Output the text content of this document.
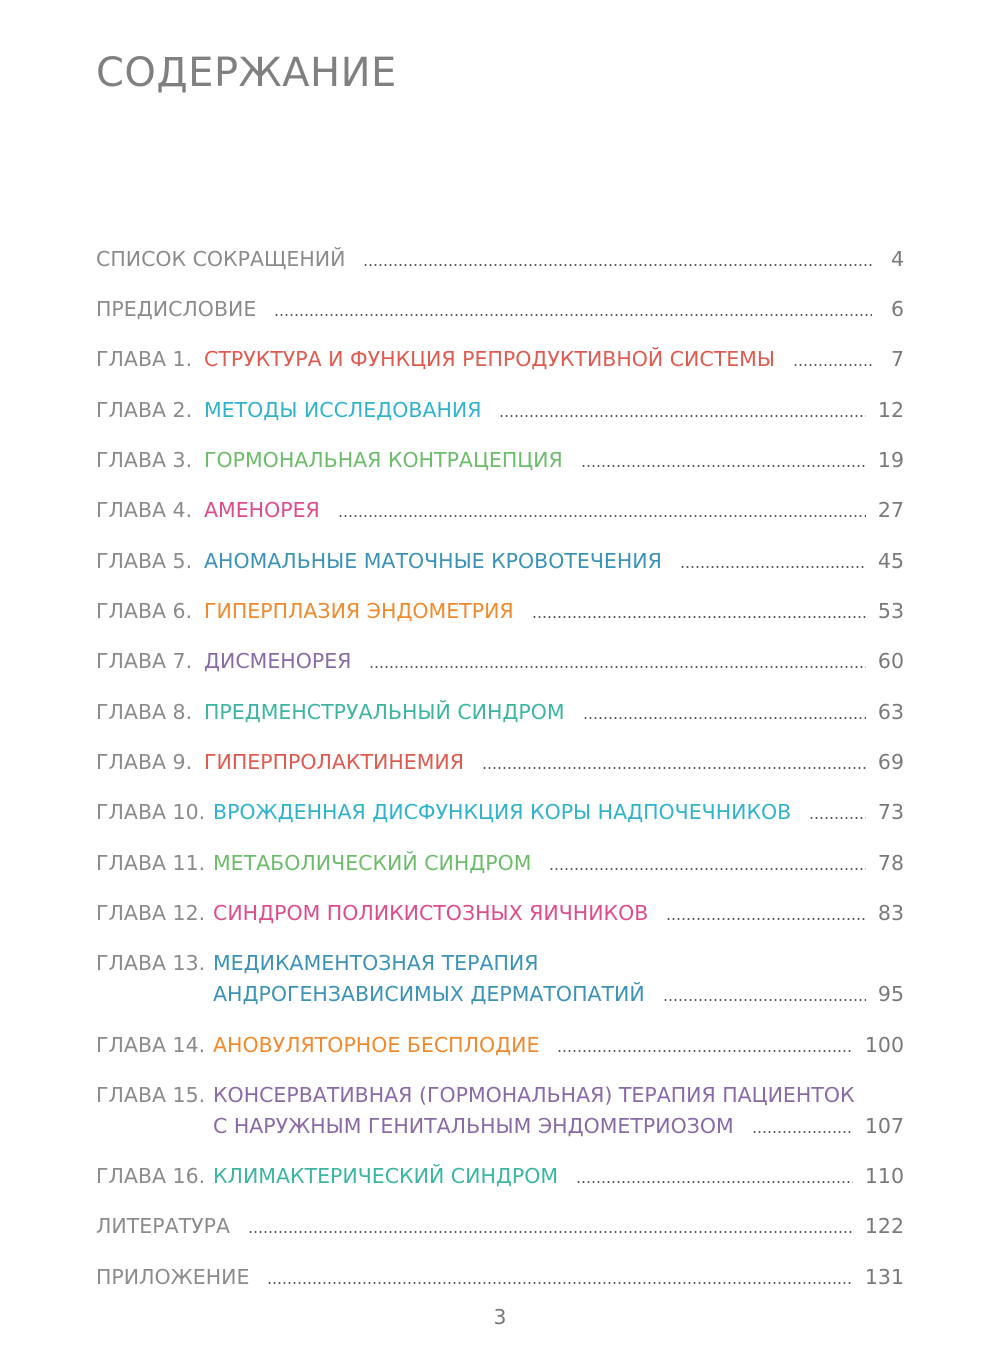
СОДЕРЖАНИЕ
СПИСОК СОКРАЩЕНИЙ	4
ПРЕДИСЛОВИЕ	6
ГЛАВА 1. СТРУКТУРА И ФУНКЦИЯ РЕПРОДУКТИВНОЙ СИСТЕМЫ	7
ГЛАВА 2. МЕТОДЫ ИССЛЕДОВАНИЯ	12
ГЛАВА 3. ГОРМОНАЛЬНАЯ КОНТРАЦЕПЦИЯ	19
ГЛАВА 4. АМЕНОРЕЯ	27
ГЛАВА 5. АНОМАЛЬНЫЕ МАТОЧНЫЕ КРОВОТЕЧЕНИЯ	45
ГЛАВА 6. ГИПЕРПЛАЗИЯ ЭНДОМЕТРИЯ	53
ГЛАВА 7. ДИСМЕНОРЕЯ	60
ГЛАВА 8. ПРЕДМЕНСТРУАЛЬНЫЙ СИНДРОМ	63
ГЛАВА 9. ГИПЕРПРОЛАКТИНЕМИЯ	69
ГЛАВА 10. ВРОЖДЕННАЯ ДИСФУНКЦИЯ КОРЫ НАДПОЧЕЧНИКОВ	73
ГЛАВА 11. МЕТАБОЛИЧЕСКИЙ СИНДРОМ	78
ГЛАВА 12. СИНДРОМ ПОЛИКИСТОЗНЫХ ЯИЧНИКОВ	83
ГЛАВА 13. МЕДИКАМЕНТОЗНАЯ ТЕРАПИЯ
АНДРОГЕНЗАВИСИМЫХ ДЕРМАТОПАТИЙ	95
ГЛАВА 14. АНОВУЛЯТОРНОЕ БЕСПЛОДИЕ	100
ГЛАВА 15. КОНСЕРВАТИВНАЯ (ГОРМОНАЛЬНАЯ) ТЕРАПИЯ ПАЦИЕНТОК
С НАРУЖНЫМ ГЕНИТАЛЬНЫМ ЭНДОМЕТРИОЗОМ	107
ГЛАВА 16. КЛИМАКТЕРИЧЕСКИЙ СИНДРОМ	110
ЛИТЕРАТУРА	122
ПРИЛОЖЕНИЕ	131
3
